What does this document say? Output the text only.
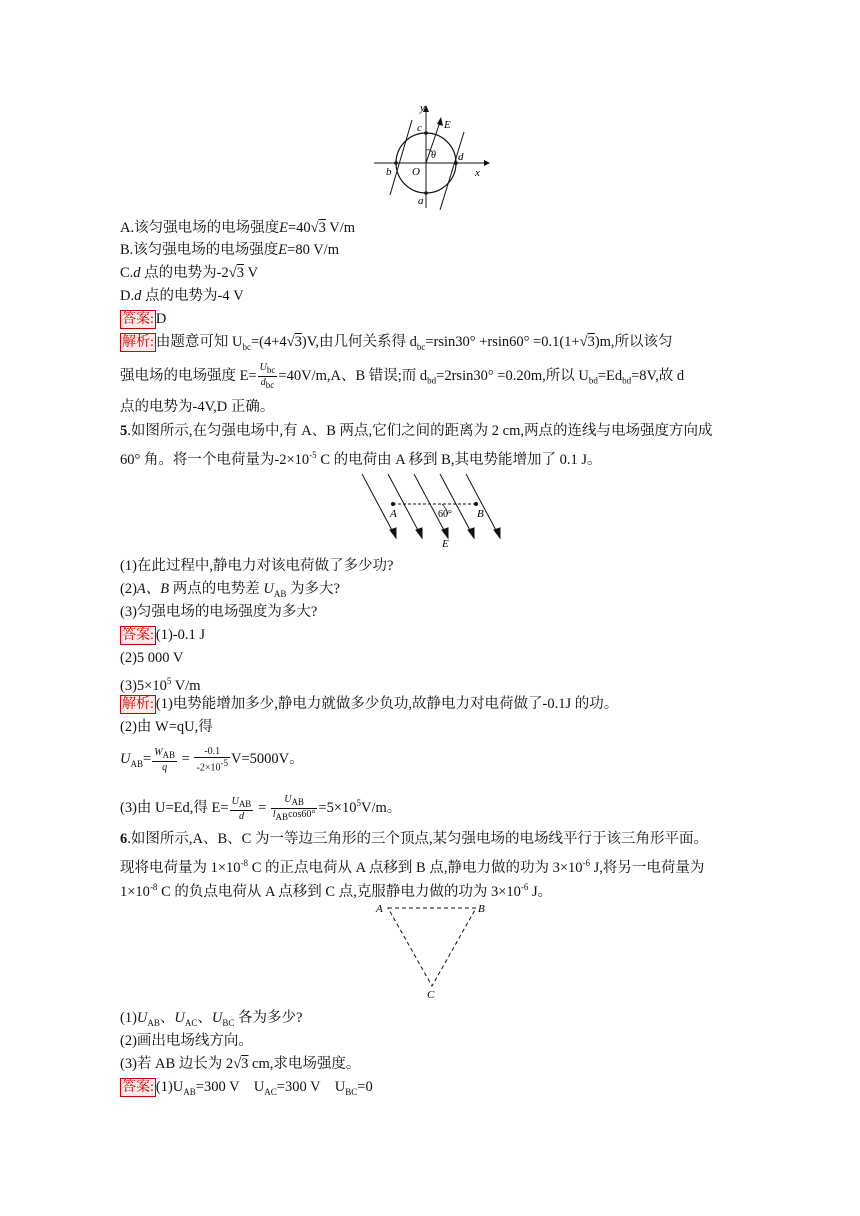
y
c E
θ d
b O	x
a
A.该匀强电场的电场强度E=40√3 V/m
B.该匀强电场的电场强度E=80 V/m
C.d 点的电势为-2√3 V
D.d 点的电势为-4 V
答案: D
解析: 由题意可知 $U_{bc}=(4+4√3)V$,由几何关系得 $d_{bc}=rsin30^\circ +rsin60^\circ =0.1(1+√3)m$,所以该匀
强电场的电场强度 $E= \frac{U_{bc}}{d_{bc}} =40V/m,A$、B 错误;而 $d_{bd}=2rsin30^\circ =0.20m$,所以 $U_{bd}=Ed_{bd}=8V$,故 d
点的电势为-4V,D 正确。
5.如图所示,在匀强电场中,有 A、B 两点,它们之间的距离为 2 cm,两点的连线与电场强度方向成
60° 角。将一个电荷量为$-2\times 10^{-5}$ C 的电荷由 A 移到 B,其电势能增加了 0.1 J。
A	B
60°
E
(1)在此过程中,静电力对该电荷做了多少功?
(2)A、B 两点的电势差 $U_{AB}$ 为多大?
(3)匀强电场的电场强度为多大?
答案: (1)-0.1 J
(2)5 000 V
$(3)5\times 10^5$ V/m
解析: (1)电势能增加多少,静电力就做多少负功,故静电力对电荷做了-0.1J 的功。
(2)由 W=qU,得
$U_{AB}= \frac{W_{AB}}{q} = \frac{-0.1}{-2\times 10^{-5}} V=5000V$。
(3)由 U=Ed,得 $E= \frac{U_{AB}}{d} = \frac{U_{AB}}{l_{AB}\cos 60^\circ} =5\times 10^5V/m$。
6.如图所示,A、B、C 为一等边三角形的三个顶点,某匀强电场的电场线平行于该三角形平面。
现将电荷量为 $1\times 10^{-8}$ C 的正点电荷从 A 点移到 B 点,静电力做的功为 $3\times 10^{-6}$ J,将另一电荷量为
$1\times 10^{-8}$ C 的负点电荷从 A 点移到 C 点,克服静电力做的功为 $3\times 10^{-6}$ J。
A	B
C
$(1)U_{AB}$、$U_{AC}$、$U_{BC}$ 各为多少?
(2)画出电场线方向。
(3)若 AB 边长为 2√3 cm,求电场强度。
答案: $(1)U_{AB}=300$ V    $U_{AC}=300$ V    $U_{BC}=0$
